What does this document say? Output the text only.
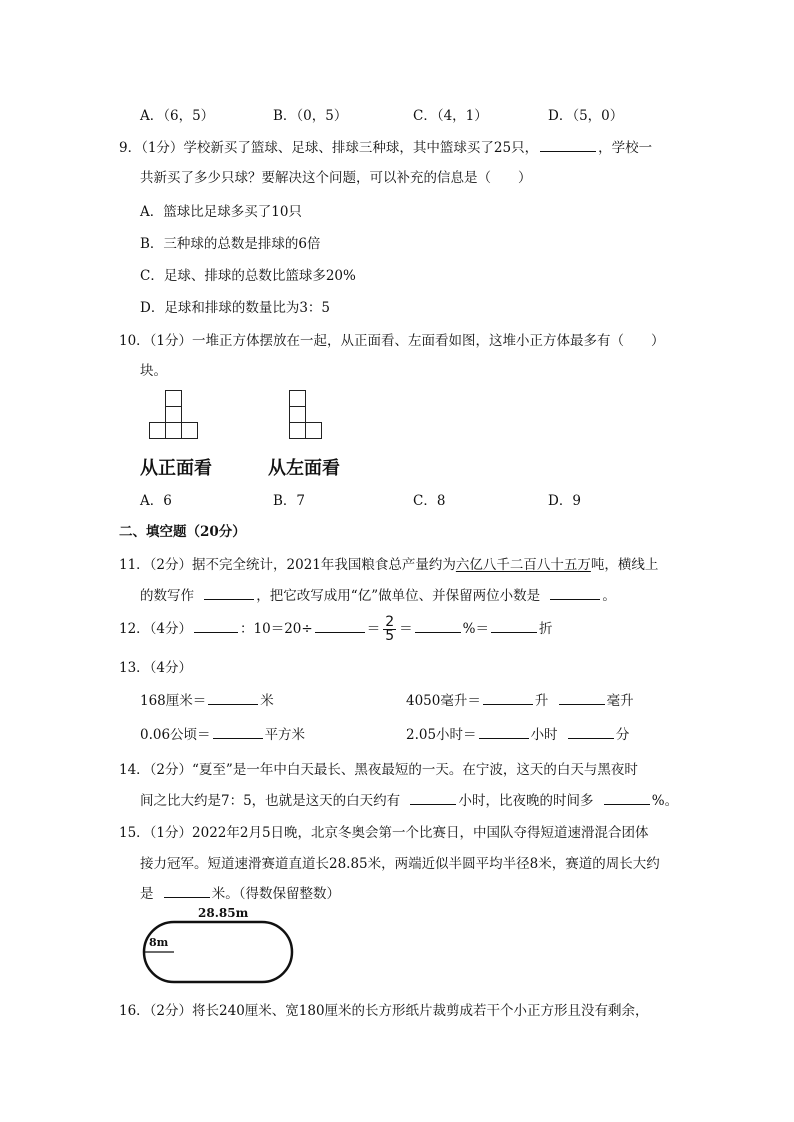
A．（6，5）	B．（0，5）	C．（4，1）	D．（5，0）
9．（1分）学校新买了篮球、足球、排球三种球，其中篮球买了25只，	，学校一
共新买了多少只球？要解决这个问题，可以补充的信息是（　　）
A．篮球比足球多买了10只
B．三种球的总数是排球的6倍
C．足球、排球的总数比篮球多20%
D．足球和排球的数量比为3：5
10．（1分）一堆正方体摆放在一起，从正面看、左面看如图，这堆小正方体最多有（　　）
块。
从正面看	从左面看
A．6	B．7	C．8	D．9
二、填空题（20分）
11．（2分）据不完全统计，2021年我国粮食总产量约为六亿八千二百八十五万吨，横线上
的数写作	，把它改写成用“亿”做单位、并保留两位小数是	。
12．（4分）	：10＝20÷	＝ $\frac{2}{5}$ ＝	%＝	折
13．（4分）
168厘米＝	米	4050毫升＝	升	毫升
0.06公顷＝	平方米	2.05小时＝	小时	分
14．（2分）“夏至”是一年中白天最长、黑夜最短的一天。在宁波，这天的白天与黑夜时
间之比大约是7：5，也就是这天的白天约有	小时，比夜晚的时间多	%。
15．（1分）2022年2月5日晚，北京冬奥会第一个比赛日，中国队夺得短道速滑混合团体
接力冠军。短道速滑赛道直道长28.85米，两端近似半圆平均半径8米，赛道的周长大约
是	米。（得数保留整数）
28.85m
8m
16．（2分）将长240厘米、宽180厘米的长方形纸片裁剪成若干个小正方形且没有剩余，
